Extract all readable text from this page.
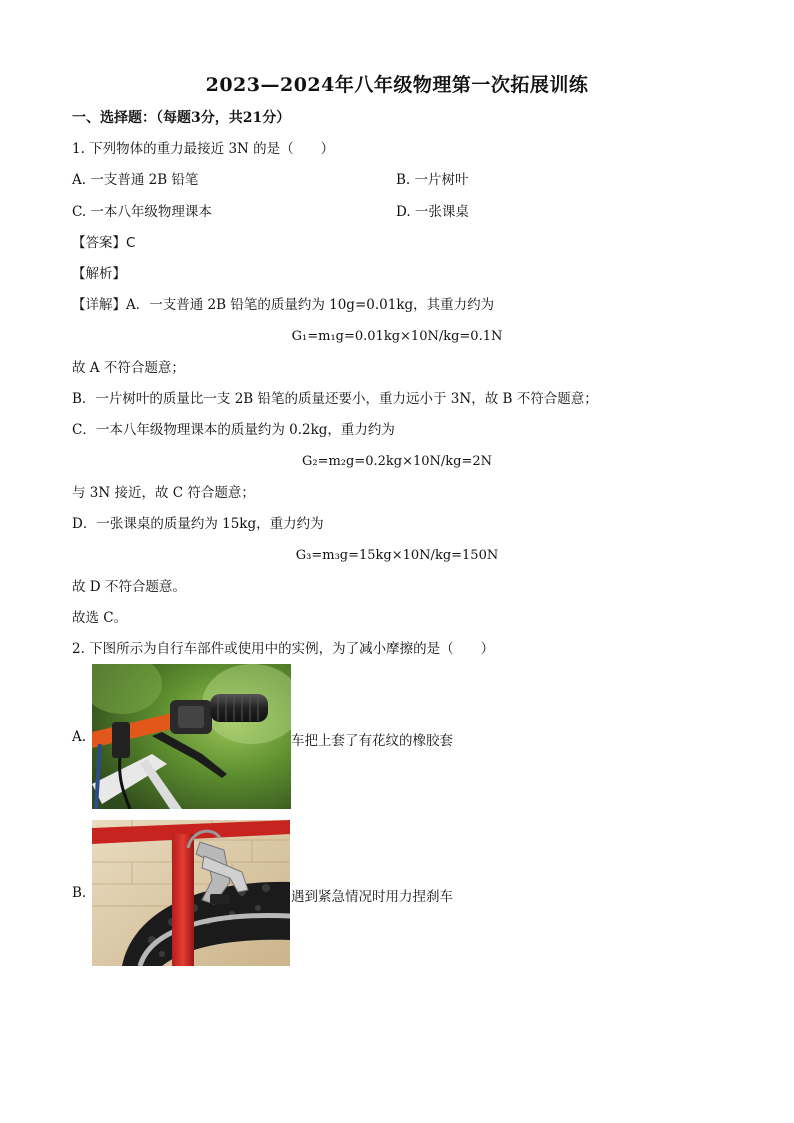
2023—2024年八年级物理第一次拓展训练
一、选择题：（每题3分，共21分）
1. 下列物体的重力最接近 3N 的是（　　）
A. 一支普通 2B 铅笔	B. 一片树叶
C. 一本八年级物理课本	D. 一张课桌
【答案】C
【解析】
【详解】A．一支普通 2B 铅笔的质量约为 10g=0.01kg，其重力约为
G₁=m₁g=0.01kg×10N/kg=0.1N
故 A 不符合题意；
B．一片树叶的质量比一支 2B 铅笔的质量还要小，重力远小于 3N，故 B 不符合题意；
C．一本八年级物理课本的质量约为 0.2kg，重力约为
G₂=m₂g=0.2kg×10N/kg=2N
与 3N 接近，故 C 符合题意；
D．一张课桌的质量约为 15kg，重力约为
G₃=m₃g=15kg×10N/kg=150N
故 D 不符合题意。
故选 C。
2. 下图所示为自行车部件或使用中的实例，为了减小摩擦的是（　　）
A.	车把上套了有花纹的橡胶套
B.	遇到紧急情况时用力捏刹车
